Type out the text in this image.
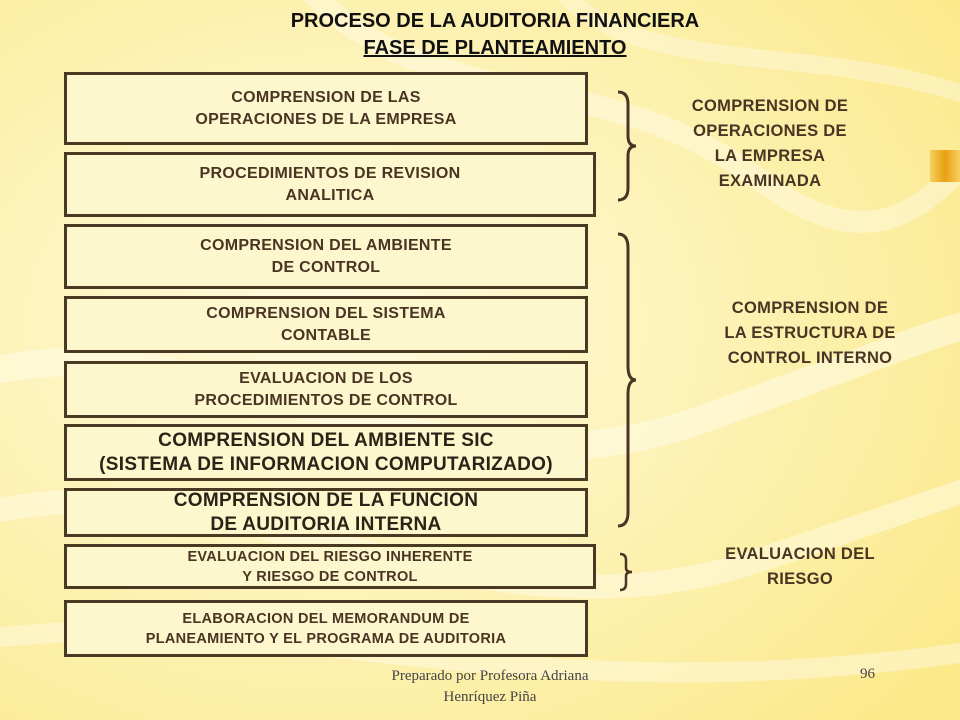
PROCESO DE LA AUDITORIA FINANCIERA
FASE DE PLANTEAMIENTO
COMPRENSION DE LAS
OPERACIONES DE LA EMPRESA
PROCEDIMIENTOS DE REVISION
ANALITICA
COMPRENSION DEL AMBIENTE
DE CONTROL
COMPRENSION DEL SISTEMA
CONTABLE
EVALUACION DE LOS
PROCEDIMIENTOS DE CONTROL
COMPRENSION DEL AMBIENTE SIC
(SISTEMA DE INFORMACION COMPUTARIZADO)
COMPRENSION DE LA FUNCION
DE AUDITORIA INTERNA
EVALUACION DEL RIESGO INHERENTE
Y RIESGO DE CONTROL
ELABORACION DEL MEMORANDUM DE
PLANEAMIENTO Y EL PROGRAMA DE AUDITORIA
COMPRENSION DE
OPERACIONES DE
LA EMPRESA
EXAMINADA
COMPRENSION DE
LA ESTRUCTURA DE
CONTROL INTERNO
EVALUACION DEL
RIESGO
Preparado por Profesora Adriana
Henríquez Piña
96
